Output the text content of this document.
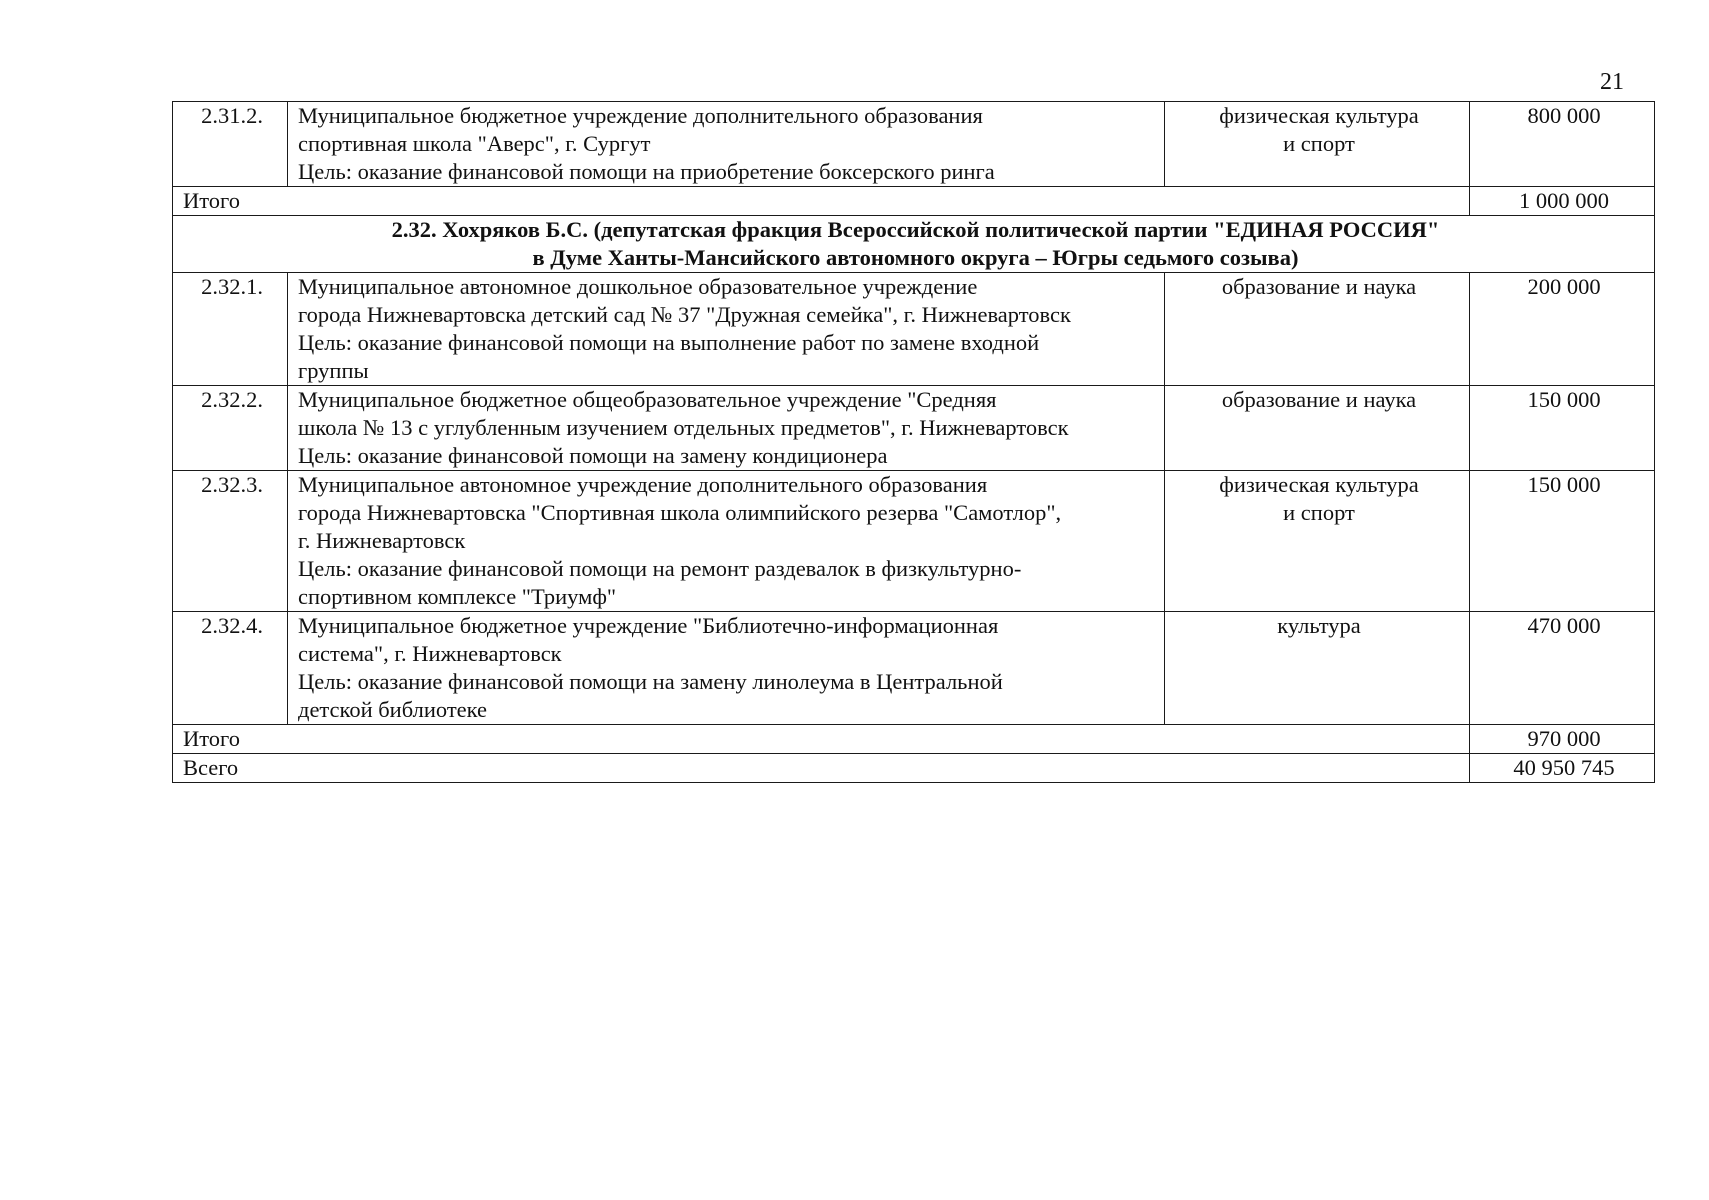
21
2.31.2.	Муниципальное бюджетное учреждение дополнительного образования
спортивная школа "Аверс", г. Сургут
Цель: оказание финансовой помощи на приобретение боксерского ринга	физическая культура
и спорт	800 000
Итого			1 000 000

2.32. Хохряков Б.С. (депутатская фракция Всероссийской политической партии "ЕДИНАЯ РОССИЯ"
в Думе Ханты-Мансийского автономного округа – Югры седьмого созыва)			

2.32.1.	Муниципальное автономное дошкольное образовательное учреждение
города Нижневартовска детский сад № 37 "Дружная семейка", г. Нижневартовск
Цель: оказание финансовой помощи на выполнение работ по замене входной
группы	образование и наука	200 000
2.32.2.	Муниципальное бюджетное общеобразовательное учреждение "Средняя
школа № 13 с углубленным изучением отдельных предметов", г. Нижневартовск
Цель: оказание финансовой помощи на замену кондиционера	образование и наука	150 000
2.32.3.	Муниципальное автономное учреждение дополнительного образования
города Нижневартовска "Спортивная школа олимпийского резерва "Самотлор",
г. Нижневартовск
Цель: оказание финансовой помощи на ремонт раздевалок в физкультурно-
спортивном комплексе "Триумф"	физическая культура
и спорт	150 000
2.32.4.	Муниципальное бюджетное учреждение "Библиотечно-информационная
система", г. Нижневартовск
Цель: оказание финансовой помощи на замену линолеума в Центральной
детской библиотеке	культура	470 000
Итого			970 000
Всего			40 950 745
